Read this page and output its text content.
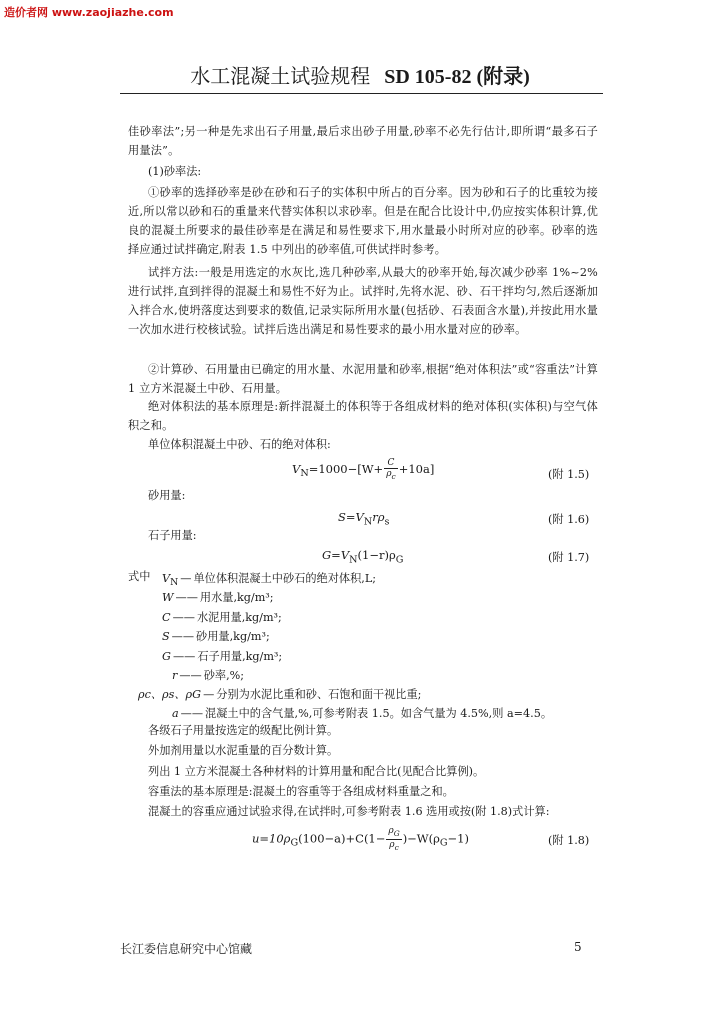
造价者网 www.zaojiazhe.com
水工混凝土试验规程 SD 105-82 (附录)
佳砂率法”;另一种是先求出石子用量,最后求出砂子用量,砂率不必先行估计,即所谓“最多石子用量法”。
(1)砂率法:
①砂率的选择砂率是砂在砂和石子的实体积中所占的百分率。因为砂和石子的比重较为接近,所以常以砂和石的重量来代替实体积以求砂率。但是在配合比设计中,仍应按实体积计算,优良的混凝土所要求的最佳砂率是在满足和易性要求下,用水量最小时所对应的砂率。砂率的选择应通过试拌确定,附表 1.5 中列出的砂率值,可供试拌时参考。
试拌方法:一般是用选定的水灰比,选几种砂率,从最大的砂率开始,每次减少砂率 1%~2%进行试拌,直到拌得的混凝土和易性不好为止。试拌时,先将水泥、砂、石干拌均匀,然后逐渐加入拌合水,使坍落度达到要求的数值,记录实际所用水量(包括砂、石表面含水量),并按此用水量一次加水进行校核试验。试拌后选出满足和易性要求的最小用水量对应的砂率。
②计算砂、石用量由已确定的用水量、水泥用量和砂率,根据“绝对体积法”或“容重法”计算 1 立方米混凝土中砂、石用量。
绝对体积法的基本原理是:新拌混凝土的体积等于各组成材料的绝对体积(实体积)与空气体积之和。
单位体积混凝土中砂、石的绝对体积:
$V_N=1000-[W+ \frac{C}{\rho_c} +10a]$	(附 1.5)
砂用量:
$S=V_Nr\rho_s$	(附 1.6)
石子用量:
$G=V_N(1-r)\rho_G$	(附 1.7)
式中 $V_N$ — 单位体积混凝土中砂石的绝对体积,L;
W —— 用水量,kg/m³;
C —— 水泥用量,kg/m³;
S —— 砂用量,kg/m³;
G —— 石子用量,kg/m³;
r —— 砂率,%;
ρc、ρs、ρG — 分别为水泥比重和砂、石饱和面干视比重;
a —— 混凝土中的含气量,%,可参考附表 1.5。如含气量为 4.5%,则 a=4.5。
各级石子用量按选定的级配比例计算。
外加剂用量以水泥重量的百分数计算。
列出 1 立方米混凝土各种材料的计算用量和配合比(见配合比算例)。
容重法的基本原理是:混凝土的容重等于各组成材料重量之和。
混凝土的容重应通过试验求得,在试拌时,可参考附表 1.6 选用或按(附 1.8)式计算:
$u=10\rho_G(100-a)+C(1- \frac{\rho_G}{\rho_c} )-W(\rho_G-1)$	(附 1.8)
长江委信息研究中心馆藏	5
